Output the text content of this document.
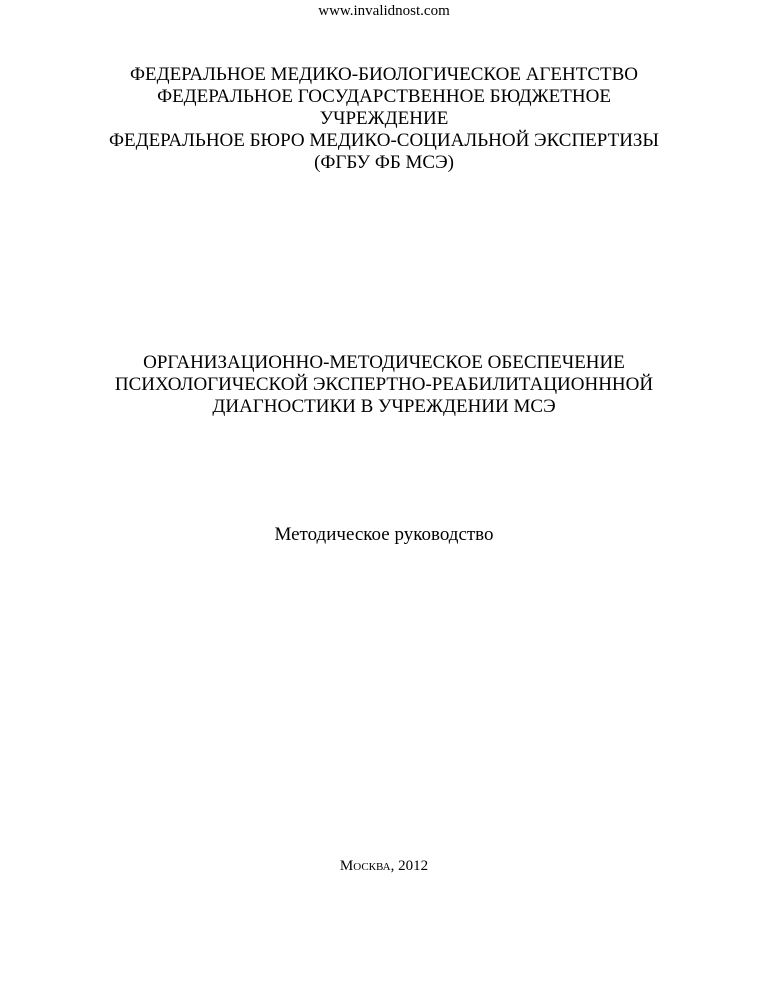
www.invalidnost.com
ФЕДЕРАЛЬНОЕ МЕДИКО-БИОЛОГИЧЕСКОЕ АГЕНТСТВО
ФЕДЕРАЛЬНОЕ ГОСУДАРСТВЕННОЕ БЮДЖЕТНОЕ
УЧРЕЖДЕНИЕ
ФЕДЕРАЛЬНОЕ БЮРО МЕДИКО-СОЦИАЛЬНОЙ ЭКСПЕРТИЗЫ
(ФГБУ ФБ МСЭ)
ОРГАНИЗАЦИОННО-МЕТОДИЧЕСКОЕ ОБЕСПЕЧЕНИЕ
ПСИХОЛОГИЧЕСКОЙ ЭКСПЕРТНО-РЕАБИЛИТАЦИОНННОЙ
ДИАГНОСТИКИ В УЧРЕЖДЕНИИ МСЭ
Методическое руководство
Москва, 2012
